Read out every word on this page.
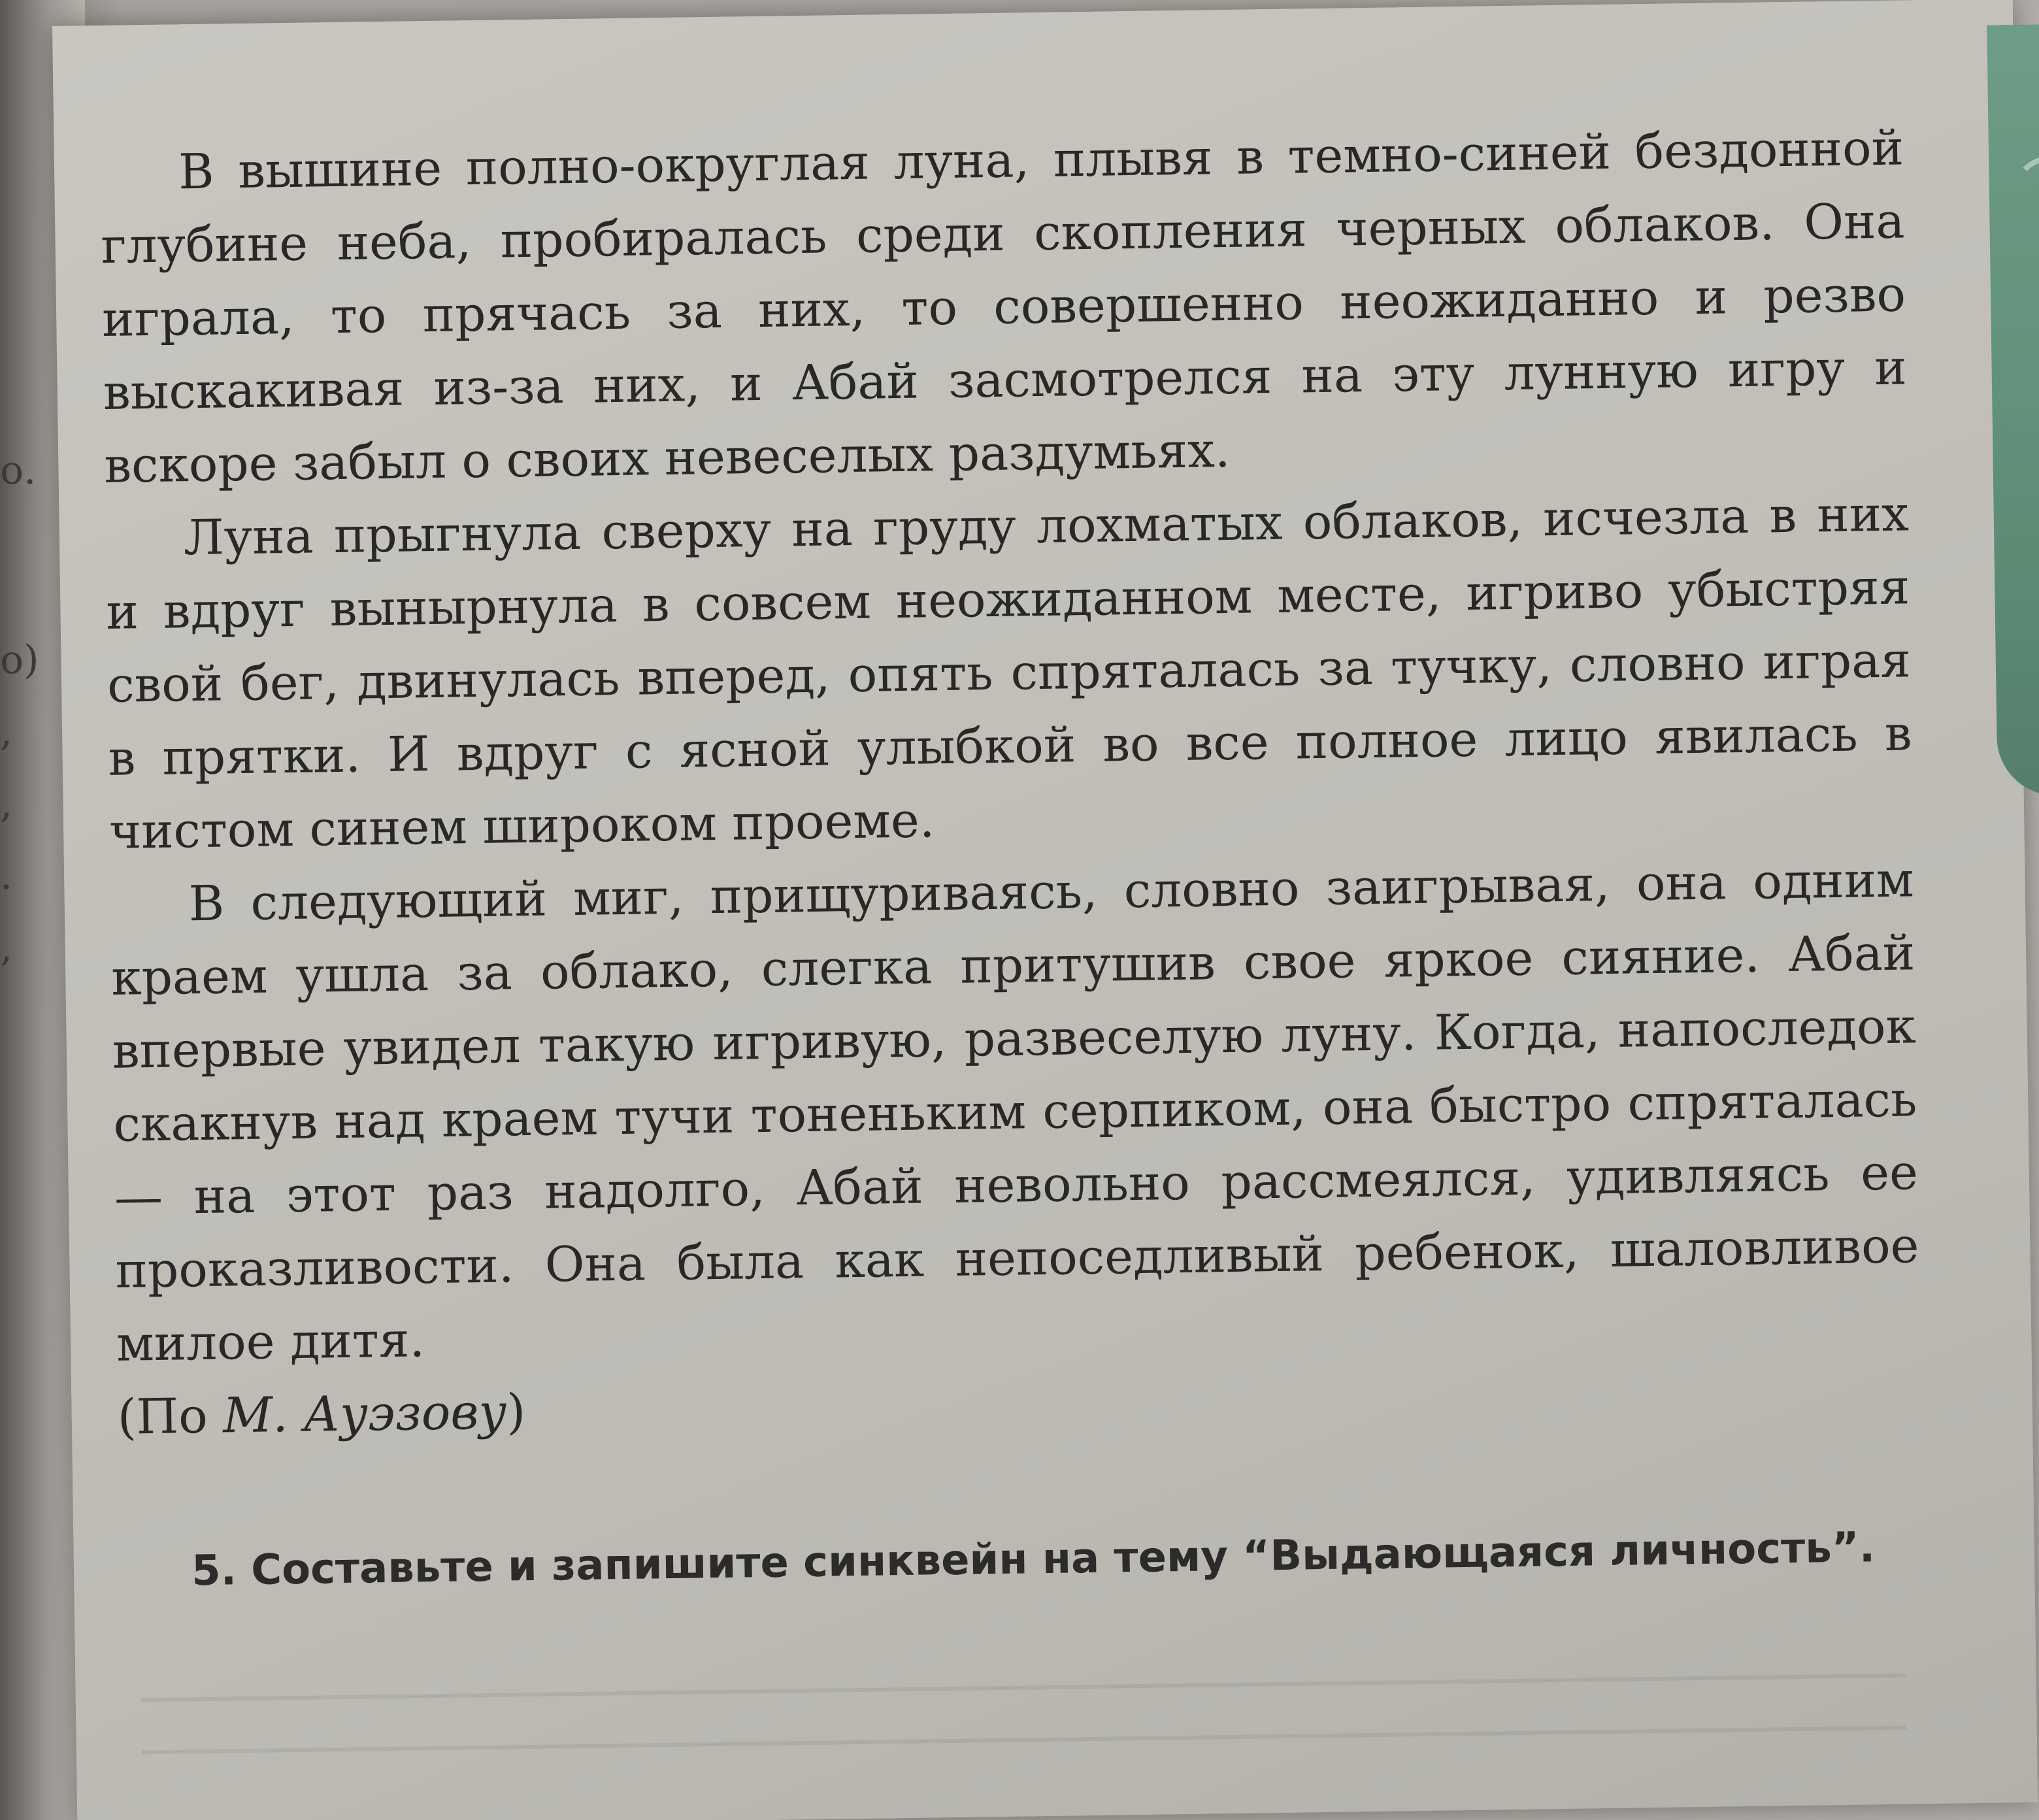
о.
о)
,
,
.
,

В вышине полно-округлая луна, плывя в темно-синей бездонной глубине неба, пробиралась среди скопления черных облаков. Она играла, то прячась за них, то совершенно неожиданно и резво выскакивая из-за них, и Абай засмотрелся на эту лунную игру и вскоре забыл о своих невеселых раздумьях.

Луна прыгнула сверху на груду лохматых облаков, исчезла в них и вдруг вынырнула в совсем неожиданном месте, игриво убыстряя свой бег, двинулась вперед, опять спряталась за тучку, словно играя в прятки. И вдруг с ясной улыбкой во все полное лицо явилась в чистом синем широком проеме.

В следующий миг, прищуриваясь, словно заигрывая, она одним краем ушла за облако, слегка притушив свое яркое сияние. Абай впервые увидел такую игривую, развеселую луну. Когда, напоследок скакнув над краем тучи тоненьким серпиком, она быстро спряталась — на этот раз надолго, Абай невольно рассмеялся, удивляясь ее проказливости. Она была как непоседливый ребенок, шаловливое милое дитя.

(По М. Ауэзову)
5. Составьте и запишите синквейн на тему “Выдающаяся личность”.
